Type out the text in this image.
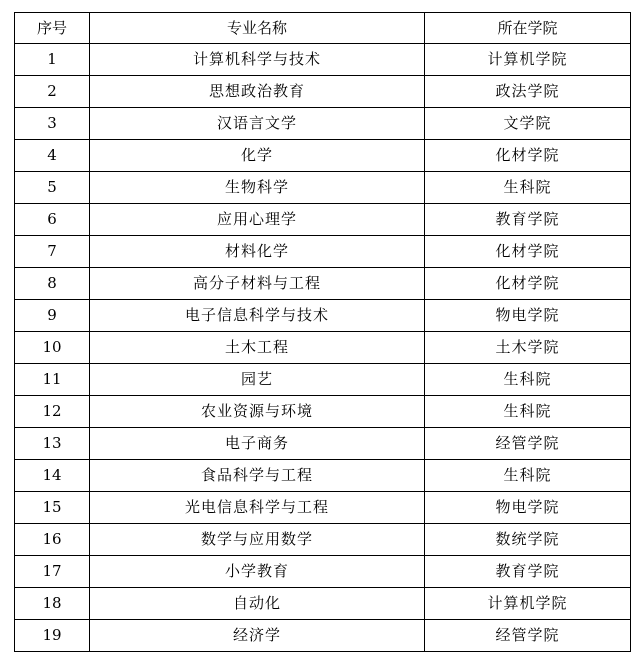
序号	专业名称	所在学院
1	计算机科学与技术	计算机学院
2	思想政治教育	政法学院
3	汉语言文学	文学院
4	化学	化材学院
5	生物科学	生科院
6	应用心理学	教育学院
7	材料化学	化材学院
8	高分子材料与工程	化材学院
9	电子信息科学与技术	物电学院
10	土木工程	土木学院
11	园艺	生科院
12	农业资源与环境	生科院
13	电子商务	经管学院
14	食品科学与工程	生科院
15	光电信息科学与工程	物电学院
16	数学与应用数学	数统学院
17	小学教育	教育学院
18	自动化	计算机学院
19	经济学	经管学院
